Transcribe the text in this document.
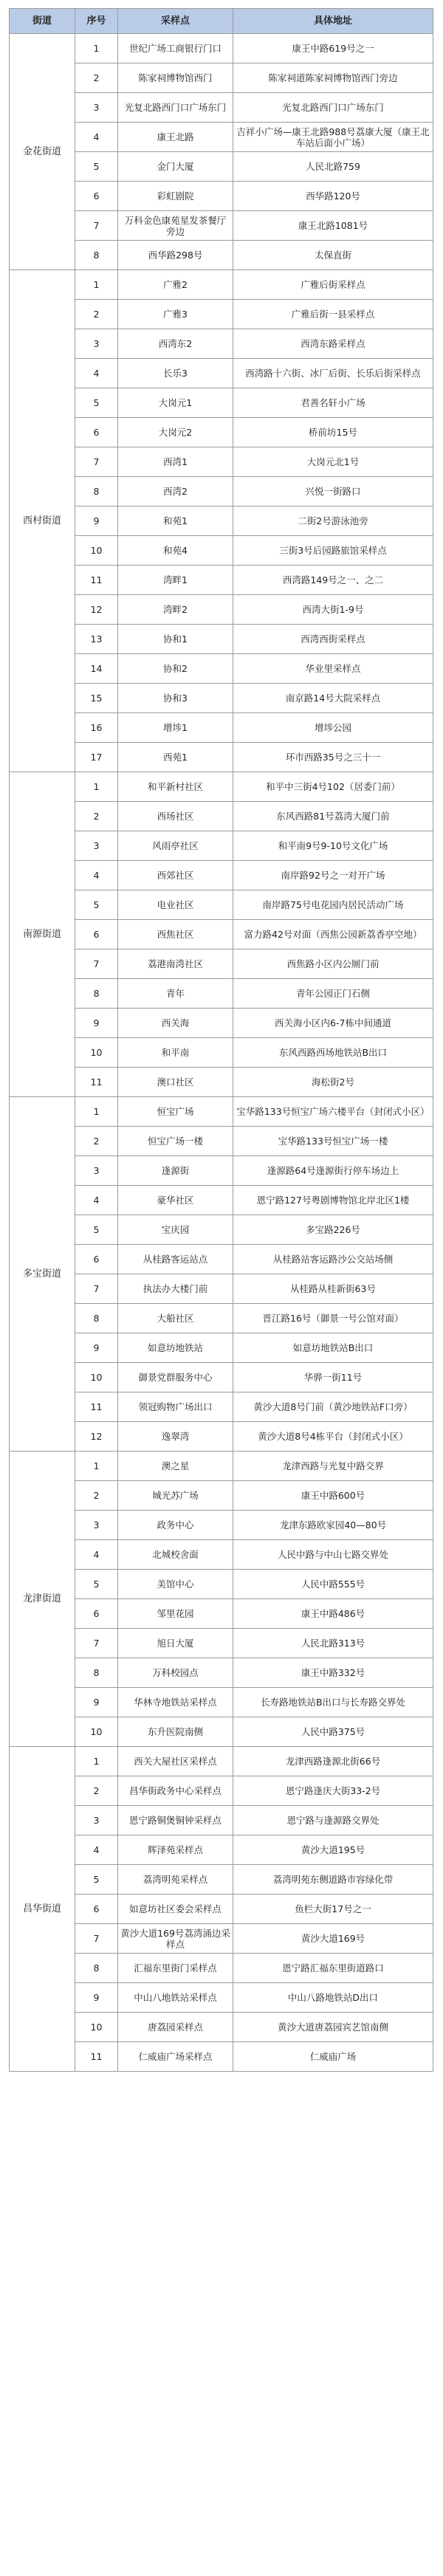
街道	序号	采样点	具体地址
金花街道	1	世纪广场工商银行门口	康王中路619号之一
	2	陈家祠博物馆西门	陈家祠道陈家祠博物馆西门旁边
	3	光复北路西门口广场东门	光复北路西门口广场东门
	4	康王北路	吉祥小广场—康王北路988号荔康大厦（康王北车站后面小广场）
	5	金门大厦	人民北路759
	6	彩虹剧院	西华路120号
	7	万科金色康苑星发茶餐厅旁边	康王北路1081号
	8	西华路298号	太保直街
西村街道	1	广雅2	广雅后街采样点
	2	广雅3	广雅后街一县采样点
	3	西湾东2	西湾东路采样点
	4	长乐3	西湾路十六街、冰厂后街、长乐后街采样点
	5	大岗元1	君善名轩小广场
	6	大岗元2	桥前坊15号
	7	西湾1	大岗元北1号
	8	西湾2	兴悦一街路口
	9	和苑1	二街2号游泳池旁
	10	和苑4	三街3号后园路旅馆采样点
	11	湾畔1	西湾路149号之一、之二
	12	湾畔2	西湾大街1-9号
	13	协和1	西湾西街采样点
	14	协和2	华业里采样点
	15	协和3	南京路14号大院采样点
	16	增埗1	增埗公园
	17	西苑1	环市西路35号之三十一
南源街道	1	和平新村社区	和平中三街4号102（居委门前）
	2	西场社区	东风西路81号荔湾大厦门前
	3	风雨亭社区	和平南9号9-10号文化广场
	4	西郊社区	南岸路92号之一对开广场
	5	电业社区	南岸路75号电花园内居民活动广场
	6	西焦社区	富力路42号对面（西焦公园新荔香亭空地）
	7	荔港南湾社区	西焦路小区内公厕门前
	8	青年	青年公园正门石侧
	9	西关海	西关海小区内6-7栋中间通道
	10	和平南	东风西路西场地铁站B出口
	11	澳口社区	海松街2号
多宝街道	1	恒宝广场	宝华路133号恒宝广场六楼平台（封闭式小区）
	2	恒宝广场一楼	宝华路133号恒宝广场一楼
	3	逢源街	逢源路64号逢源街行停车场边上
	4	豪华社区	恩宁路127号粤剧博物馆北岸北区1楼
	5	宝庆园	多宝路226号
	6	从桂路客运站点	从桂路站客运路沙公交站场侧
	7	执法办大楼门前	从桂路从桂新街63号
	8	大船社区	晋江路16号（御景一号公馆对面）
	9	如意坊地铁站	如意坊地铁站B出口
	10	御景党群服务中心	华骅一街11号
	11	领冠购物广场出口	黄沙大道8号门前（黄沙地铁站F口旁）
	12	逸翠湾	黄沙大道8号4栋平台（封闭式小区）
龙津街道	1	澳之星	龙津西路与光复中路交界
	2	城光苏广场	康王中路600号
	3	政务中心	龙津东路欧家园40—80号
	4	北城校舍面	人民中路与中山七路交界处
	5	美馆中心	人民中路555号
	6	邹里花园	康王中路486号
	7	旭日大厦	人民北路313号
	8	万科校园点	康王中路332号
	9	华林寺地铁站采样点	长寿路地铁站B出口与长寿路交界处
	10	东升医院南侧	人民中路375号
昌华街道	1	西关大屋社区采样点	龙津西路逢源北街66号
	2	昌华街政务中心采样点	恩宁路逢庆大街33-2号
	3	恩宁路铜煲铜钟采样点	恩宁路与逢源路交界处
	4	辉泽苑采样点	黄沙大道195号
	5	荔湾明苑采样点	荔湾明苑东侧道路市容绿化带
	6	如意坊社区委会采样点	鱼栏大街17号之一
	7	黄沙大道169号荔湾涌边采样点	黄沙大道169号
	8	汇福东里街门采样点	恩宁路汇福东里街道路口
	9	中山八地铁站采样点	中山八路地铁站D出口
	10	唐荔园采样点	黄沙大道唐荔园宾艺馆南侧
	11	仁威庙广场采样点	仁威庙广场
